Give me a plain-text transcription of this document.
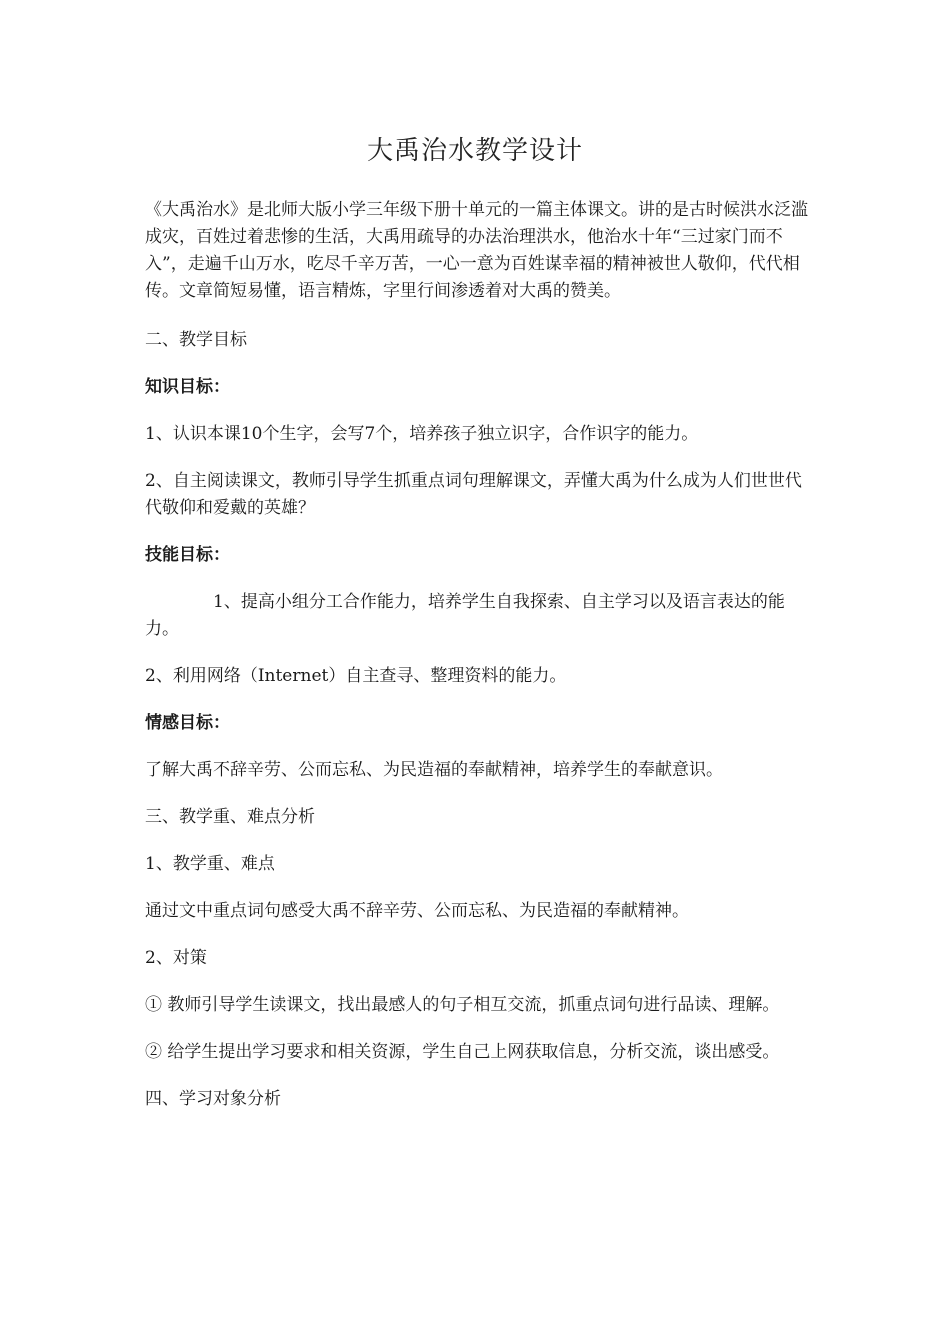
大禹治水教学设计

《大禹治水》是北师大版小学三年级下册十单元的一篇主体课文。讲的是古时候洪水泛滥成灾，百姓过着悲惨的生活，大禹用疏导的办法治理洪水，他治水十年“三过家门而不入”，走遍千山万水，吃尽千辛万苦，一心一意为百姓谋幸福的精神被世人敬仰，代代相传。文章简短易懂，语言精炼，字里行间渗透着对大禹的赞美。

二、教学目标

知识目标：

1、认识本课10个生字，会写7个，培养孩子独立识字，合作识字的能力。

2、自主阅读课文，教师引导学生抓重点词句理解课文，弄懂大禹为什么成为人们世世代代敬仰和爱戴的英雄？

技能目标：

1、提高小组分工合作能力，培养学生自我探索、自主学习以及语言表达的能力。

2、利用网络（Internet）自主查寻、整理资料的能力。

情感目标：

了解大禹不辞辛劳、公而忘私、为民造福的奉献精神，培养学生的奉献意识。

三、教学重、难点分析

1、教学重、难点

通过文中重点词句感受大禹不辞辛劳、公而忘私、为民造福的奉献精神。

2、对策

① 教师引导学生读课文，找出最感人的句子相互交流，抓重点词句进行品读、理解。

② 给学生提出学习要求和相关资源，学生自己上网获取信息，分析交流，谈出感受。

四、学习对象分析
